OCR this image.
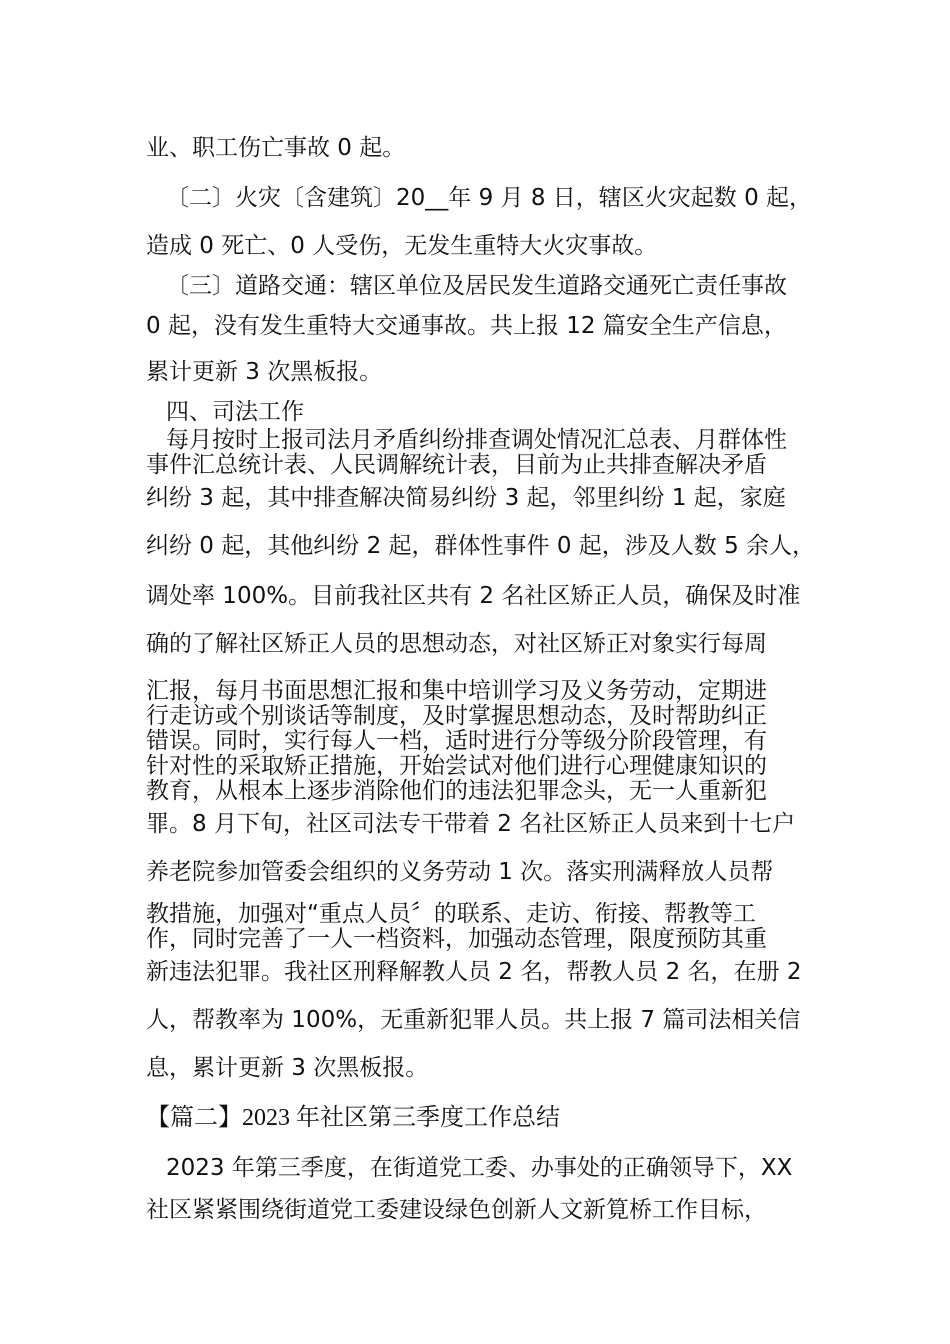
业、职工伤亡事故 0 起。
〔二〕火灾〔含建筑〕20__年 9 月 8 日，辖区火灾起数 0 起，
造成 0 死亡、0 人受伤，无发生重特大火灾事故。
〔三〕道路交通：辖区单位及居民发生道路交通死亡责任事故
0 起，没有发生重特大交通事故。共上报 12 篇安全生产信息，
累计更新 3 次黑板报。
四、司法工作
每月按时上报司法月矛盾纠纷排查调处情况汇总表、月群体性
事件汇总统计表、人民调解统计表，目前为止共排查解决矛盾
纠纷 3 起，其中排查解决简易纠纷 3 起，邻里纠纷 1 起，家庭
纠纷 0 起，其他纠纷 2 起，群体性事件 0 起，涉及人数 5 余人，
调处率 100%。目前我社区共有 2 名社区矫正人员，确保及时准
确的了解社区矫正人员的思想动态，对社区矫正对象实行每周
汇报，每月书面思想汇报和集中培训学习及义务劳动，定期进
行走访或个别谈话等制度，及时掌握思想动态，及时帮助纠正
错误。同时，实行每人一档，适时进行分等级分阶段管理，有
针对性的采取矫正措施，开始尝试对他们进行心理健康知识的
教育，从根本上逐步消除他们的违法犯罪念头，无一人重新犯
罪。8 月下旬，社区司法专干带着 2 名社区矫正人员来到十七户
养老院参加管委会组织的义务劳动 1 次。落实刑满释放人员帮
教措施，加强对“重点人员〞的联系、走访、衔接、帮教等工
作，同时完善了一人一档资料，加强动态管理，限度预防其重
新违法犯罪。我社区刑释解教人员 2 名，帮教人员 2 名，在册 2
人，帮教率为 100%，无重新犯罪人员。共上报 7 篇司法相关信
息，累计更新 3 次黑板报。
【篇二】2023 年社区第三季度工作总结
2023 年第三季度，在街道党工委、办事处的正确领导下，XX
社区紧紧围绕街道党工委建设绿色创新人文新筧桥工作目标，
